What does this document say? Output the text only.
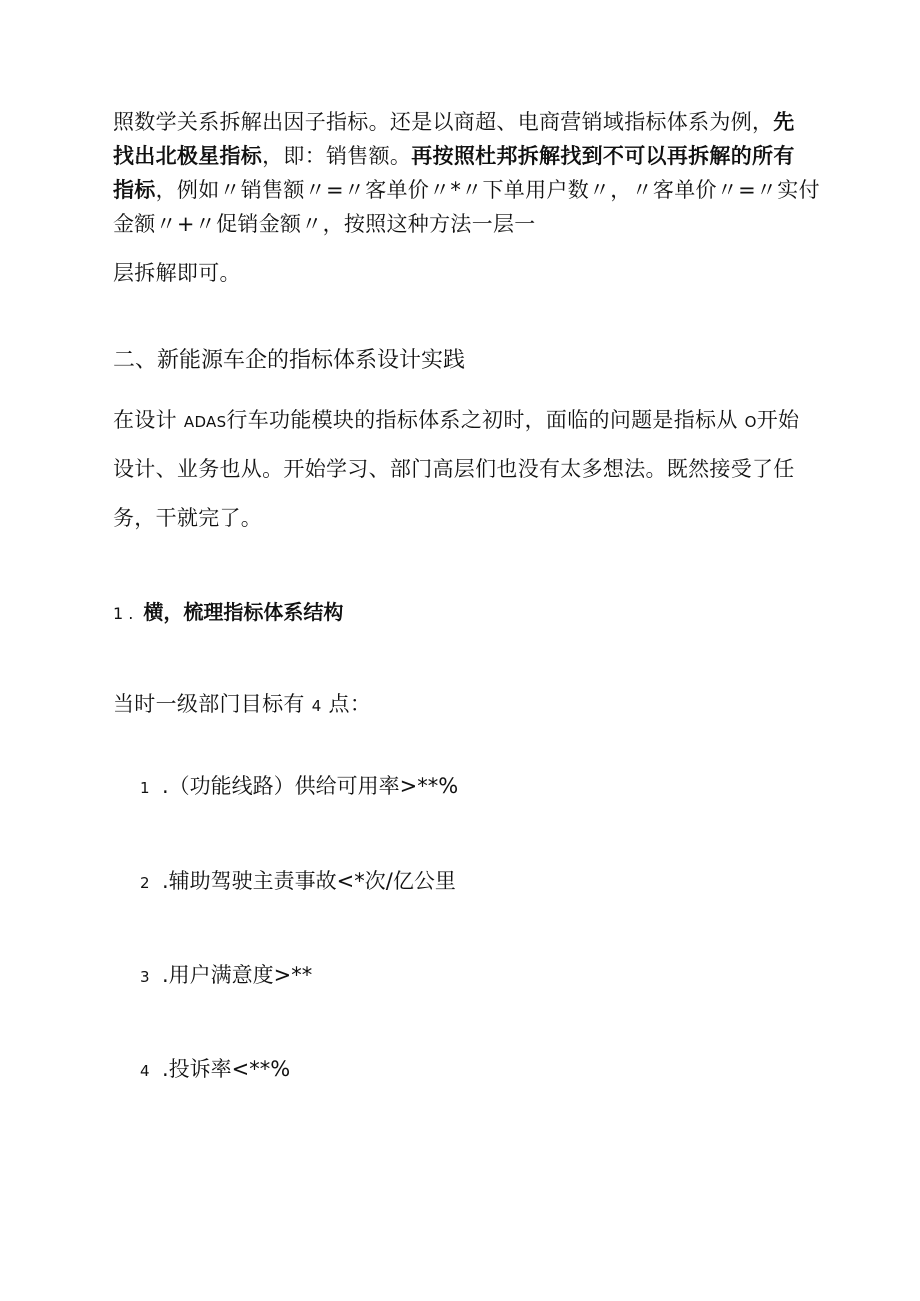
照数学关系拆解出因子指标。还是以商超、电商营销域指标体系为例，先
找出北极星指标，即：销售额。再按照杜邦拆解找到不可以再拆解的所有
指标，例如〃销售额〃=〃客单价〃*〃下单用户数〃，〃客单价〃=〃实付
金额〃+〃促销金额〃，按照这种方法一层一
层拆解即可。
二、新能源车企的指标体系设计实践
在设计 ADAS行车功能模块的指标体系之初时，面临的问题是指标从 O开始
设计、业务也从。开始学习、部门高层们也没有太多想法。既然接受了任
务，干就完了。
1 . 横，梳理指标体系结构
当时一级部门目标有 4 点：
1 .（功能线路）供给可用率>**%
2 .辅助驾驶主责事故<*次/亿公里
3 .用户满意度>**
4 .投诉率<**%
